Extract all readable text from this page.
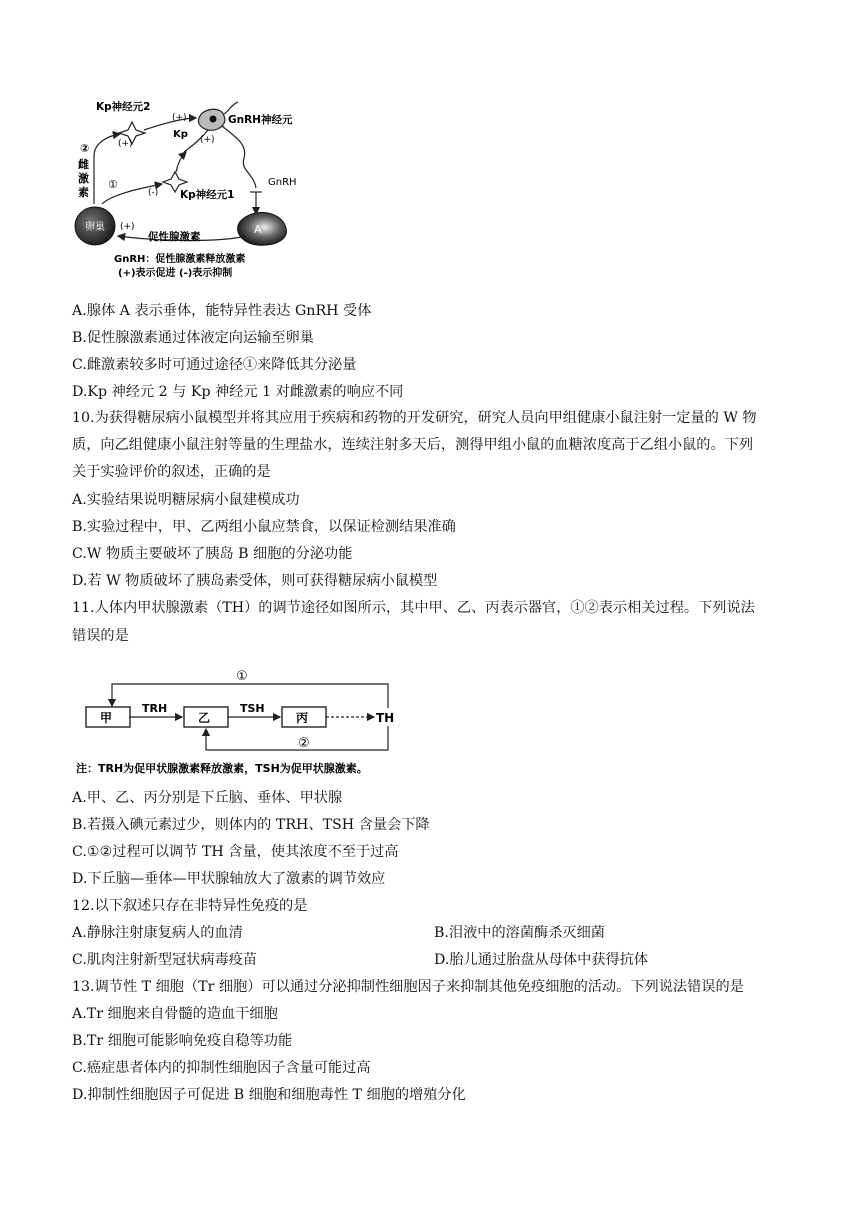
Kp神经元2
(+)
GnRH神经元
(+)
Kp (+)
Kp神经元1
②
雌
激
素
①
(-)
GnRH
卵巢	A
(+)
促性腺激素
GnRH：促性腺激素释放激素
(+)表示促进 (-)表示抑制
A.腺体 A 表示垂体，能特异性表达 GnRH 受体
B.促性腺激素通过体液定向运输至卵巢
C.雌激素较多时可通过途径①来降低其分泌量
D.Kp 神经元 2 与 Kp 神经元 1 对雌激素的响应不同
10.为获得糖尿病小鼠模型并将其应用于疾病和药物的开发研究，研究人员向甲组健康小鼠注射一定量的 W 物
质，向乙组健康小鼠注射等量的生理盐水，连续注射多天后，测得甲组小鼠的血糖浓度高于乙组小鼠的。下列
关于实验评价的叙述，正确的是
A.实验结果说明糖尿病小鼠建模成功
B.实验过程中，甲、乙两组小鼠应禁食，以保证检测结果准确
C.W 物质主要破坏了胰岛 B 细胞的分泌功能
D.若 W 物质破坏了胰岛素受体，则可获得糖尿病小鼠模型
11.人体内甲状腺激素（TH）的调节途径如图所示，其中甲、乙、丙表示器官，①②表示相关过程。下列说法
错误的是
①
甲	乙	丙
TRH	TSH
TH
②
注：TRH为促甲状腺激素释放激素，TSH为促甲状腺激素。
A.甲、乙、丙分别是下丘脑、垂体、甲状腺
B.若摄入碘元素过少，则体内的 TRH、TSH 含量会下降
C.①②过程可以调节 TH 含量，使其浓度不至于过高
D.下丘脑—垂体—甲状腺轴放大了激素的调节效应
12.以下叙述只存在非特异性免疫的是
A.静脉注射康复病人的血清	B.泪液中的溶菌酶杀灭细菌
C.肌肉注射新型冠状病毒疫苗	D.胎儿通过胎盘从母体中获得抗体
13.调节性 T 细胞（Tr 细胞）可以通过分泌抑制性细胞因子来抑制其他免疫细胞的活动。下列说法错误的是
A.Tr 细胞来自骨髓的造血干细胞
B.Tr 细胞可能影响免疫自稳等功能
C.癌症患者体内的抑制性细胞因子含量可能过高
D.抑制性细胞因子可促进 B 细胞和细胞毒性 T 细胞的增殖分化
